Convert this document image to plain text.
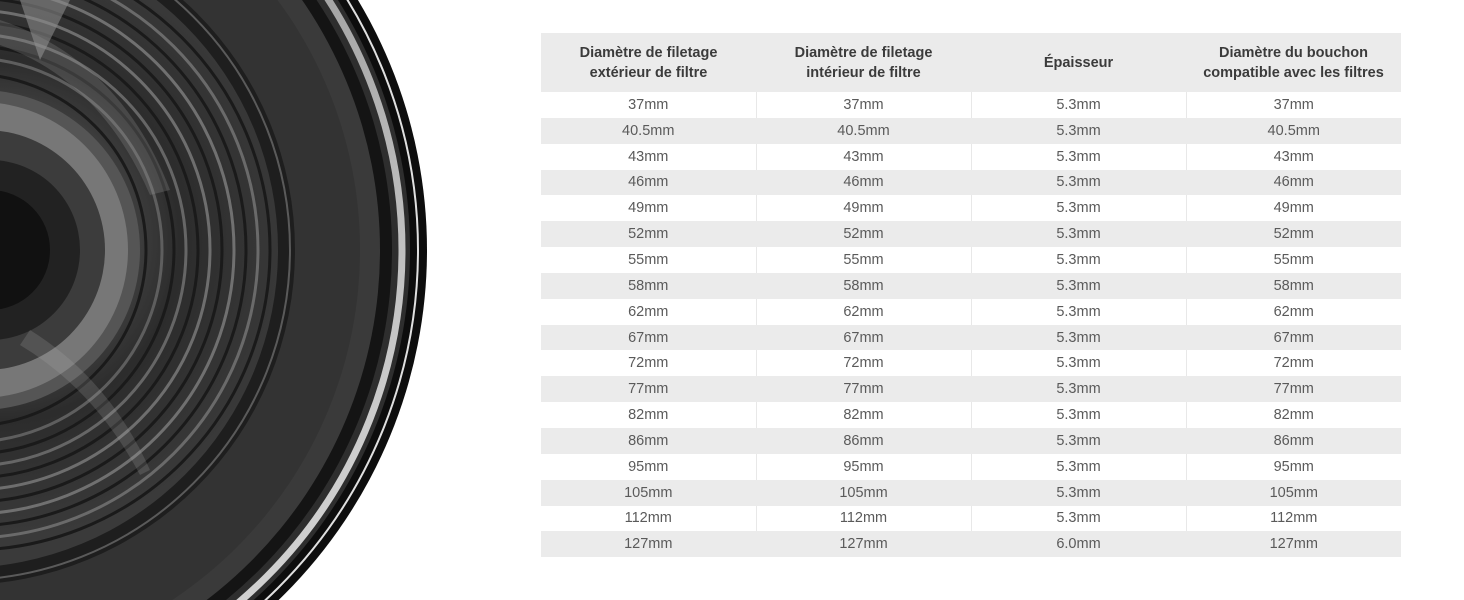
Diamètre de filetage extérieur de filtre	Diamètre de filetage intérieur de filtre	Épaisseur	Diamètre du bouchon compatible avec les filtres
37mm	37mm	5.3mm	37mm
40.5mm	40.5mm	5.3mm	40.5mm
43mm	43mm	5.3mm	43mm
46mm	46mm	5.3mm	46mm
49mm	49mm	5.3mm	49mm
52mm	52mm	5.3mm	52mm
55mm	55mm	5.3mm	55mm
58mm	58mm	5.3mm	58mm
62mm	62mm	5.3mm	62mm
67mm	67mm	5.3mm	67mm
72mm	72mm	5.3mm	72mm
77mm	77mm	5.3mm	77mm
82mm	82mm	5.3mm	82mm
86mm	86mm	5.3mm	86mm
95mm	95mm	5.3mm	95mm
105mm	105mm	5.3mm	105mm
112mm	112mm	5.3mm	112mm
127mm	127mm	6.0mm	127mm
